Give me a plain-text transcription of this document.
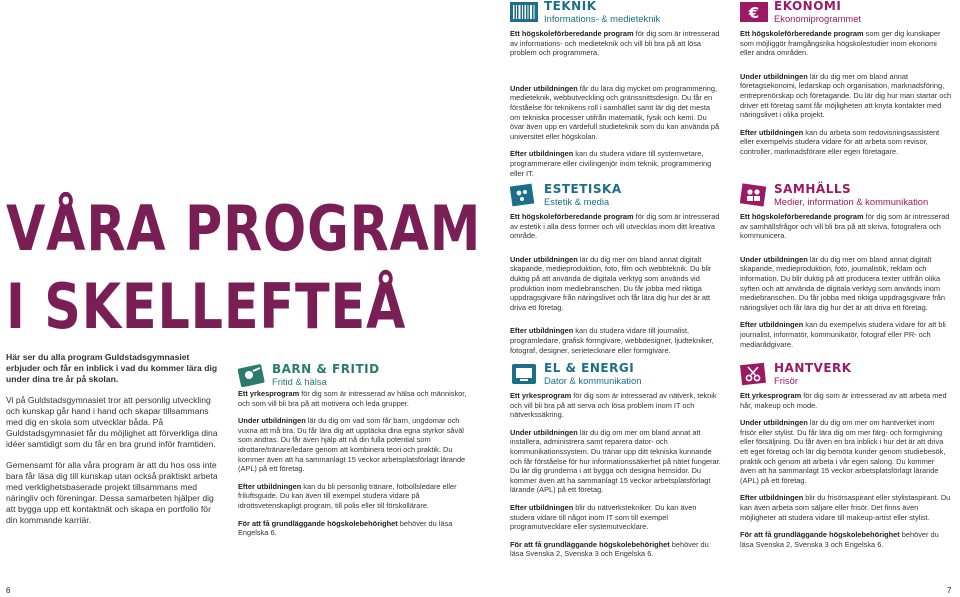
VÅRA PROGRAM
I SKELLEFTEÅ

Här ser du alla program Guldstadsgymnasiet erbjuder och får en inblick i vad du kommer lära dig under dina tre år på skolan.

Vi på Guldstadsgymnasiet tror att personlig utveckling och kunskap går hand i hand och skapar tillsammans med dig en skola som utvecklar båda. På Guldstadsgymnasiet får du möjlighet att förverkliga dina idéer samtidigt som du får en bra grund inför framtiden.

Gemensamt för alla våra program är att du hos oss inte bara får läsa dig till kunskap utan också praktiskt arbeta med verklighetsbaserade projekt tillsammans med näringliv och föreningar. Dessa samarbeten hjälper dig att bygga upp ett kontaktnät och skapa en portfolio för din kommande karriär.

6	7
BARN & FRITID
Fritid & hälsa

Ett yrkesprogram för dig som är intresserad av hälsa och människor, och som vill bli bra på att motivera och leda grupper.

Under utbildningen lär du dig om vad som får barn, ungdomar och vuxna att må bra. Du får lära dig att upptäcka dina egna styrkor såväl som andras. Du får även hjälp att nå din fulla potential som idrottare/tränare/ledare genom att kombinera teori och praktik. Du kommer även att ha sammanlagt 15 veckor arbetsplatsförlagt lärande (APL) på ett företag.

Efter utbildningen kan du bli personlig tränare, fotbollsledare eller friluftsguide. Du kan även till exempel studera vidare på idrottsvetenskapligt program, till polis eller till förskollärare.

För att få grundläggande högskolebehörighet behöver du läsa Engelska 6.

TEKNIK
Informations- & medieteknik

Ett högskoleförberedande program för dig som är intresserad av informations- och medieteknik och vill bli bra på att lösa problem och programmera.

Under utbildningen får du lära dig mycket om programmering, medieteknik, webbutveckling och gränssnittsdesign. Du får en förståelse för teknikens roll i samhället samt lär dig det mesta om tekniska processer utifrån matematik, fysik och kemi. Du övar även upp en värdefull studieteknik som du kan använda på universitet eller högskolan.

Efter utbildningen kan du studera vidare till systemvetare, programmerare eller civilingenjör inom teknik, programmering eller IT.

ESTETISKA
Estetik & media

Ett högskoleförberedande program för dig som är intresserad av estetik i alla dess former och vill utvecklas inom ditt kreativa område.

Under utbildningen lär du dig mer om bland annat digitalt skapande, medieproduktion, foto, film och webbteknik. Du blir duktig på att använda de digitala verktyg som används vid produktion inom mediebranschen. Du får jobba med riktiga uppdragsgivare från näringslivet och får lära dig hur det är att driva ett företag.

Efter utbildningen kan du studera vidare till journalist, programledare, grafisk formgivare, webbdesigner, ljudtekniker, fotograf, designer, serietecknare eller formgivare.

EL & ENERGI
Dator & kommunikation

Ett yrkesprogram för dig som är intresserad av nätverk, teknik och vill bli bra på att serva och lösa problem inom IT och nätverkssäkring.

Under utbildningen lär du dig om mer om bland annat att installera, administrera samt reparera dator- och kommunikationssystem. Du tränar upp ditt tekniska kunnande och får förståelse för hur informationssäkerhet på nätet fungerar. Du lär dig grunderna i att bygga och designa hemsidor. Du kommer även att ha sammanlagt 15 veckor arbetsplatsförlagt lärande (APL) på ett företag.

Efter utbildningen blir du nätverkstekniker. Du kan även studera vidare till något inom IT som till exempel programutvecklare eller systemutvecklare.

För att få grundläggande högskolebehörighet behöver du läsa Svenska 2, Svenska 3 och Engelska 6.

€ EKONOMI
Ekonomiprogrammet

Ett högskoleförberedande program som ger dig kunskaper som möjliggör framgångsrika högskolestudier inom ekonomi eller andra områden.

Under utbildningen lär du dig mer om bland annat företagsekonomi, ledarskap och organisation, marknadsföring, entreprenörskap och företagande. Du lär dig hur man startar och driver ett företag samt får möjligheten att knyta kontakter med näringslivet i olika projekt.

Efter utbildningen kan du arbeta som redovisningsassistent eller exempelvis studera vidare för att arbeta som revisor, controller, marknadsförare eller egen företagare.

SAMHÄLLS
Medier, information & kommunikation

Ett högskoleförberedande program för dig som är intresserad av samhällsfrågor och vill bli bra på att skriva, fotografera och kommunicera.

Under utbildningen lär du dig mer om bland annat digitalt skapande, medieproduktion, foto, journalistik, reklam och information. Du blir duktig på att producera texter utifrån olika syften och att använda de digitala verktyg som används inom mediebranschen. Du får jobba med riktiga uppdragsgivare från näringslivet och får lära dig hur det är att driva ett företag.

Efter utbildningen kan du exempelvis studera vidare för att bli journalist, informatör, kommunikatör, fotograf eller PR- och mediarådgivare.

HANTVERK
Frisör

Ett yrkesprogram för dig som är intresserad av att arbeta med hår, makeup och mode.

Under utbildningen lär du dig om mer om hantverket inom frisör eller stylist. Du får lära dig om mer färg- och formgivning eller försäljning. Du får även en bra inblick i hur det är att driva ett eget företag och lär dig bemöta kunder genom studiebesök, praktik och genom att arbeta i vår egen salong. Du kommer även att ha sammanlagt 15 veckor arbetsplatsförlagt lärande (APL) på ett företag.

Efter utbildningen blir du frisörsaspirant eller stylistaspirant. Du kan även arbeta som säljare eller frisör. Det finns även möjligheter att studera vidare till makeup-artist eller stylist.

För att få grundläggande högskolebehörighet behöver du läsa Svenska 2, Svenska 3 och Engelska 6.
